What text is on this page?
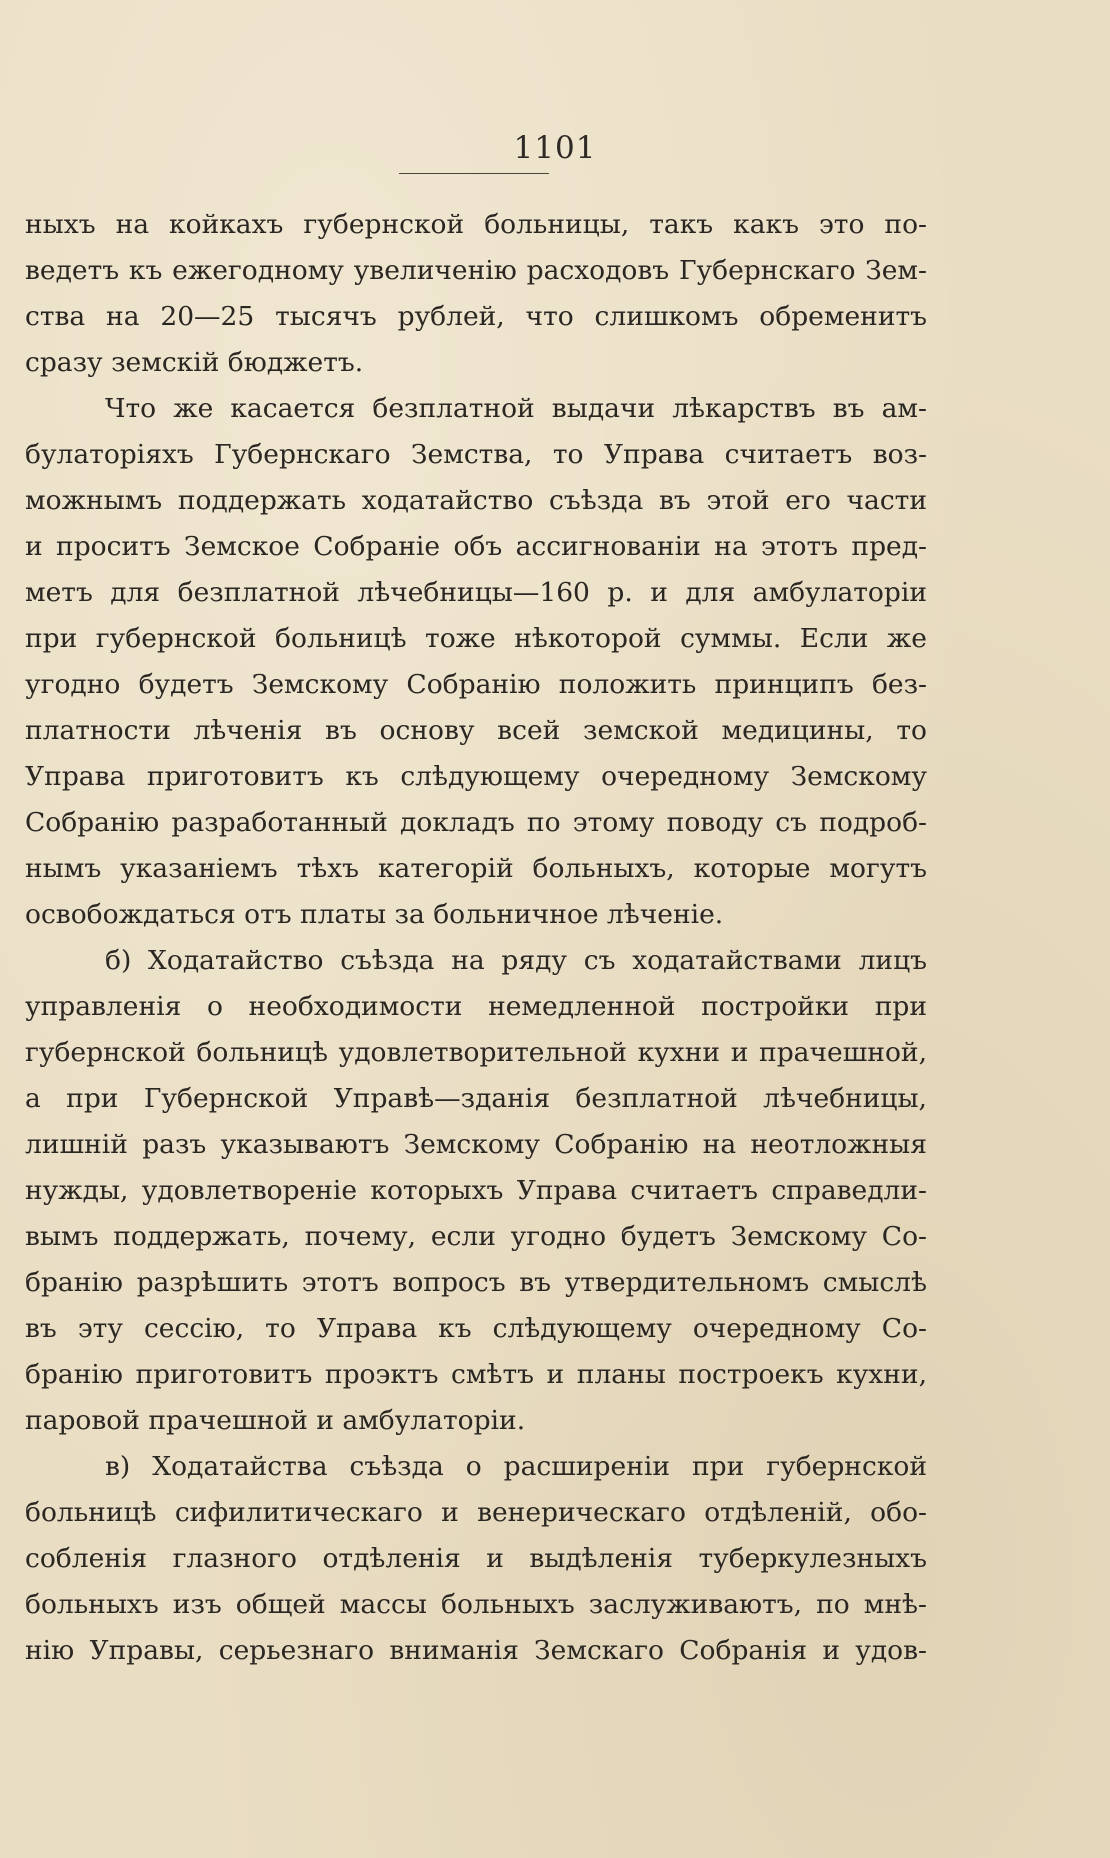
1101
ныхъ на койкахъ губернской больницы, такъ какъ это по-
ведетъ къ ежегодному увеличенію расходовъ Губернскаго Зем-
ства на 20—25 тысячъ рублей, что слишкомъ обременитъ
сразу земскій бюджетъ.
Что же касается безплатной выдачи лѣкарствъ въ ам-
булаторіяхъ Губернскаго Земства, то Управа считаетъ воз-
можнымъ поддержать ходатайство съѣзда въ этой его части
и проситъ Земское Собраніе объ ассигнованіи на этотъ пред-
метъ для безплатной лѣчебницы—160 р. и для амбулаторіи
при губернской больницѣ тоже нѣкоторой суммы. Если же
угодно будетъ Земскому Собранію положить принципъ без-
платности лѣченія въ основу всей земской медицины, то
Управа приготовитъ къ слѣдующему очередному Земскому
Собранію разработанный докладъ по этому поводу съ подроб-
нымъ указаніемъ тѣхъ категорій больныхъ, которые могутъ
освобождаться отъ платы за больничное лѣченіе.
б) Ходатайство съѣзда на ряду съ ходатайствами лицъ
управленія о необходимости немедленной постройки при
губернской больницѣ удовлетворительной кухни и прачешной,
а при Губернской Управѣ—зданія безплатной лѣчебницы,
лишній разъ указываютъ Земскому Собранію на неотложныя
нужды, удовлетвореніе которыхъ Управа считаетъ справедли-
вымъ поддержать, почему, если угодно будетъ Земскому Со-
бранію разрѣшить этотъ вопросъ въ утвердительномъ смыслѣ
въ эту сессію, то Управа къ слѣдующему очередному Со-
бранію приготовитъ проэктъ смѣтъ и планы построекъ кухни,
паровой прачешной и амбулаторіи.
в) Ходатайства съѣзда о расширеніи при губернской
больницѣ сифилитическаго и венерическаго отдѣленій, обо-
собленія глазного отдѣленія и выдѣленія туберкулезныхъ
больныхъ изъ общей массы больныхъ заслуживаютъ, по мнѣ-
нію Управы, серьезнаго вниманія Земскаго Собранія и удов-
